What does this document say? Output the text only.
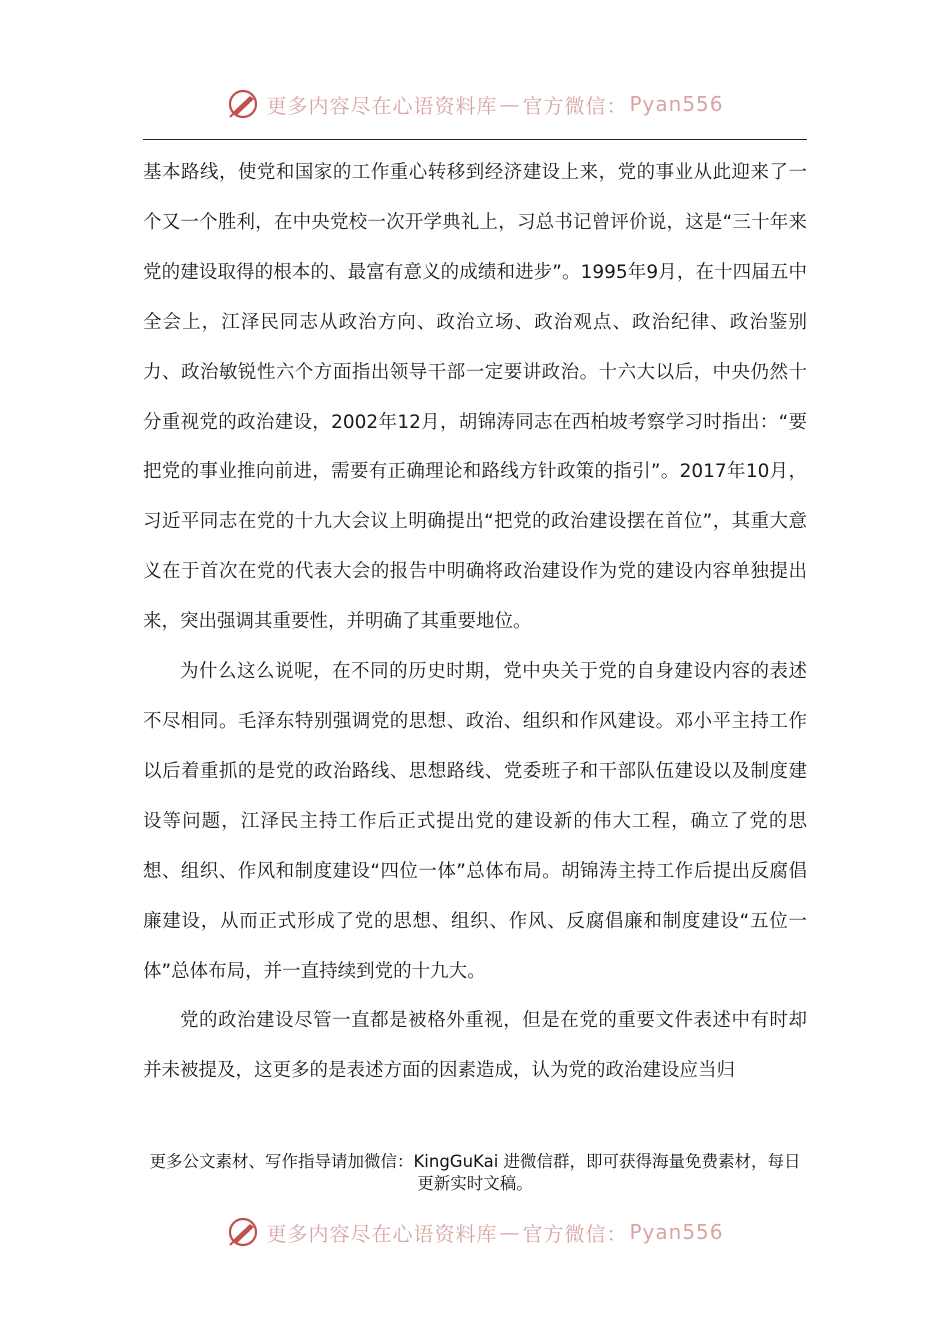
更多内容尽在心语资料库 — 官方微信： Pyan556

基本路线，使党和国家的工作重心转移到经济建设上来，党的事业从此迎来了一个又一个胜利，在中央党校一次开学典礼上，习总书记曾评价说，这是“三十年来党的建设取得的根本的、最富有意义的成绩和进步”。1995年9月，在十四届五中全会上，江泽民同志从政治方向、政治立场、政治观点、政治纪律、政治鉴别力、政治敏锐性六个方面指出领导干部一定要讲政治。十六大以后，中央仍然十分重视党的政治建设，2002年12月，胡锦涛同志在西柏坡考察学习时指出：“要把党的事业推向前进，需要有正确理论和路线方针政策的指引”。2017年10月，习近平同志在党的十九大会议上明确提出“把党的政治建设摆在首位”，其重大意义在于首次在党的代表大会的报告中明确将政治建设作为党的建设内容单独提出来，突出强调其重要性，并明确了其重要地位。

为什么这么说呢，在不同的历史时期，党中央关于党的自身建设内容的表述不尽相同。毛泽东特别强调党的思想、政治、组织和作风建设。邓小平主持工作以后着重抓的是党的政治路线、思想路线、党委班子和干部队伍建设以及制度建设等问题，江泽民主持工作后正式提出党的建设新的伟大工程，确立了党的思想、组织、作风和制度建设“四位一体”总体布局。胡锦涛主持工作后提出反腐倡廉建设，从而正式形成了党的思想、组织、作风、反腐倡廉和制度建设“五位一体”总体布局，并一直持续到党的十九大。

党的政治建设尽管一直都是被格外重视，但是在党的重要文件表述中有时却并未被提及，这更多的是表述方面的因素造成，认为党的政治建设应当归

更多公文素材、写作指导请加微信：KingGuKai 进微信群，即可获得海量免费素材，每日更新实时文稿。
更多内容尽在心语资料库 — 官方微信： Pyan556
